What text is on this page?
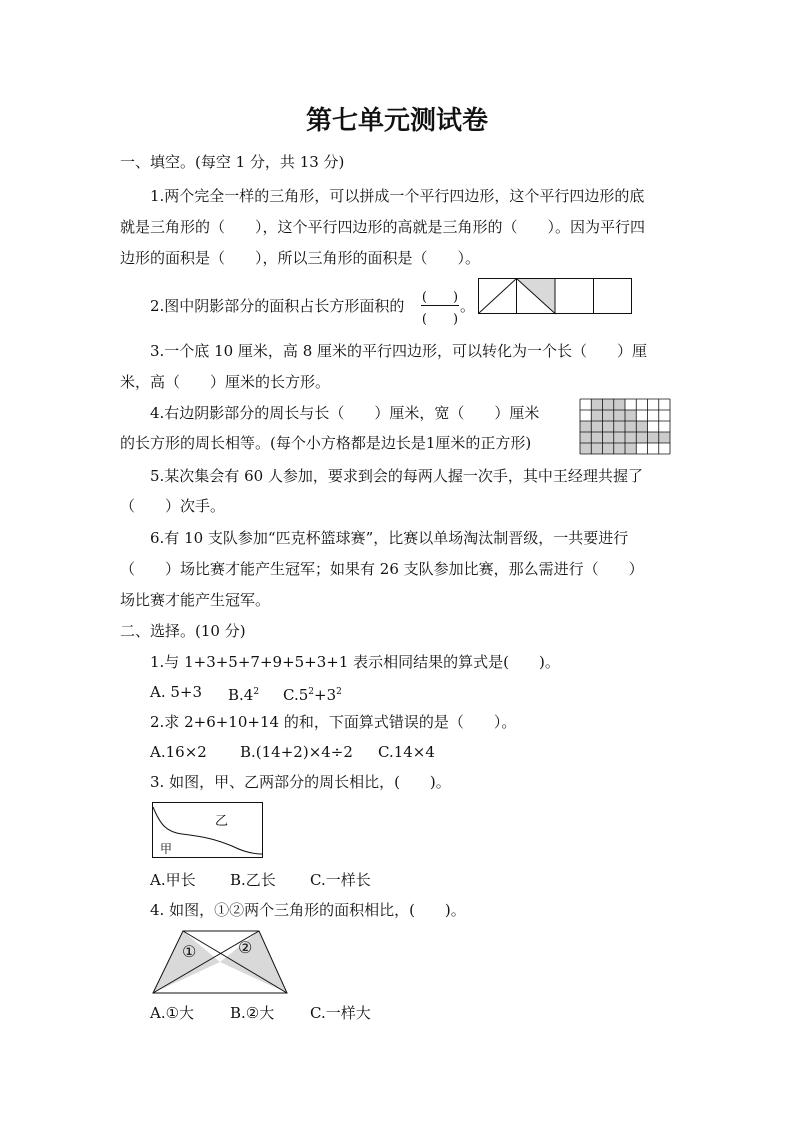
第七单元测试卷
一、填空。(每空 1 分，共 13 分)
1.两个完全一样的三角形，可以拼成一个平行四边形，这个平行四边形的底
就是三角形的（　　），这个平行四边形的高就是三角形的（　　）。因为平行四
边形的面积是（　　），所以三角形的面积是（　　）。
2.图中阴影部分的面积占长方形面积的 (　　)
(　　)
。
3.一个底 10 厘米，高 8 厘米的平行四边形，可以转化为一个长（　　）厘
米，高（　　）厘米的长方形。
4.右边阴影部分的周长与长（　　）厘米，宽（　　）厘米
的长方形的周长相等。(每个小方格都是边长是1厘米的正方形)
5.某次集会有 60 人参加，要求到会的每两人握一次手，其中王经理共握了
（　　）次手。
6.有 10 支队参加“匹克杯篮球赛”，比赛以单场淘汰制晋级，一共要进行
（　　）场比赛才能产生冠军；如果有 26 支队参加比赛，那么需进行（　　）
场比赛才能产生冠军。
二、选择。(10 分)
1.与 1+3+5+7+9+5+3+1 表示相同结果的算式是(　　)。
A. 5+3 $B.4^2$ $C.5^2+3^2$
2.求 2+6+10+14 的和，下面算式错误的是（　　）。
A.16×2 B.(14+2)×4÷2 C.14×4
3. 如图，甲、乙两部分的周长相比，(　　)。
甲
乙
A.甲长 B.乙长 C.一样长
4. 如图，①②两个三角形的面积相比，(　　)。
①	②
A.①大 B.②大 C.一样大
